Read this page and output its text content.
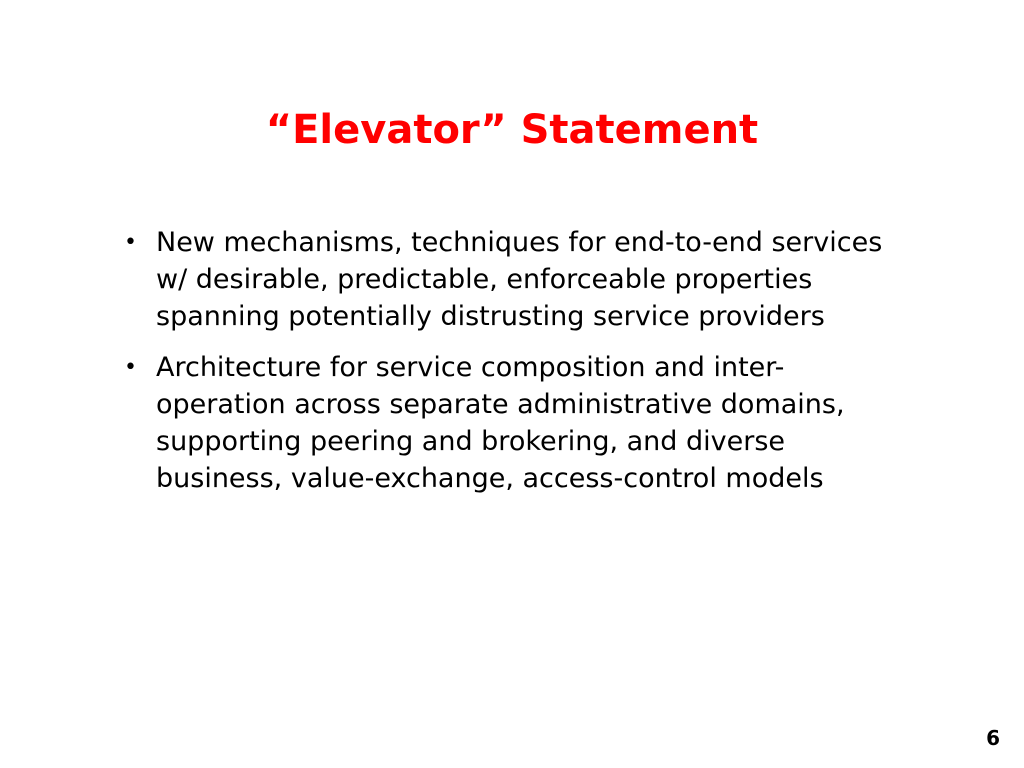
“Elevator” Statement
• New mechanisms, techniques for end-to-end services w/ desirable, predictable, enforceable properties spanning potentially distrusting service providers
• Architecture for service composition and inter-operation across separate administrative domains, supporting peering and brokering, and diverse business, value-exchange, access-control models
6
